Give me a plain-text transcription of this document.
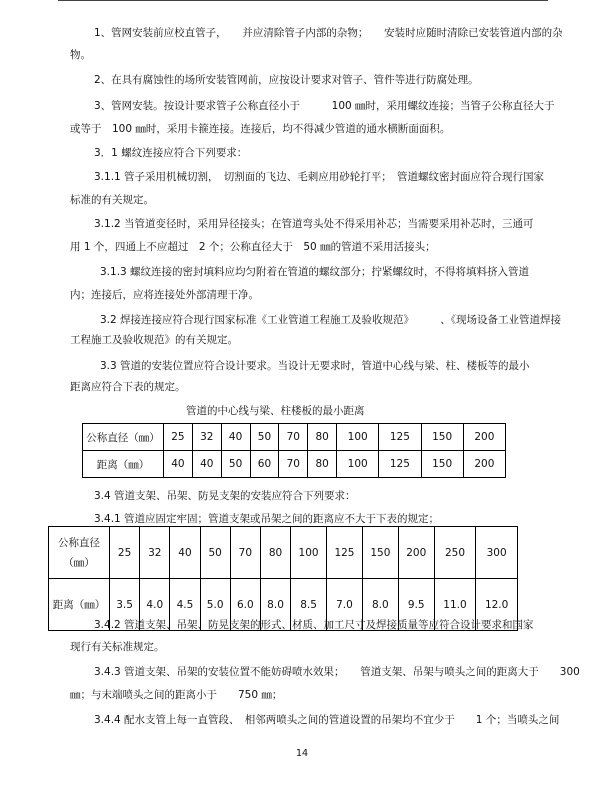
1、管网安装前应校直管子，　　并应清除管子内部的杂物；　　安装时应随时清除已安装管道内部的杂
物。
2、在具有腐蚀性的场所安装管网前，应按设计要求对管子、管件等进行防腐处理。
3、管网安装。按设计要求管子公称直径小于　　　100 ㎜时，采用螺纹连接；当管子公称直径大于
或等于　100 ㎜时，采用卡箍连接。连接后，均不得减少管道的通水横断面面积。
3．1 螺纹连接应符合下列要求：
3.1.1 管子采用机械切割，　切割面的飞边、毛刺应用砂轮打平；　管道螺纹密封面应符合现行国家
标准的有关规定。
3.1.2 当管道变径时，采用异径接头；在管道弯头处不得采用补芯；当需要采用补芯时，三通可
用 1 个，四通上不应超过　2 个；公称直径大于　50 ㎜的管道不采用活接头；
3.1.3 螺纹连接的密封填料应均匀附着在管道的螺纹部分；拧紧螺纹时，不得将填料挤入管道
内；连接后，应将连接处外部清理干净。
3.2 焊接连接应符合现行国家标准《工业管道工程施工及验收规范》　　　、《现场设备工业管道焊接
工程施工及验收规范》的有关规定。
3.3 管道的安装位置应符合设计要求。当设计无要求时，管道中心线与梁、柱、楼板等的最小
距离应符合下表的规定。
管道的中心线与梁、柱楼板的最小距离
公称直径（㎜）	25	32	40	50	70	80	100	125	150	200
距离（㎜）	40	40	50	60	70	80	100	125	150	200
3.4 管道支架、吊架、防晃支架的安装应符合下列要求：
3.4.1 管道应固定牢固；管道支架或吊架之间的距离应不大于下表的规定；
公称直径
（㎜）	25	32	40	50	70	80	100	125	150	200	250	300
距离（㎜）	3.5	4.0	4.5	5.0	6.0	8.0	8.5	7.0	8.0	9.5	11.0	12.0
3.4.2 管道支架、吊架、防晃支架的形式、材质、加工尺寸及焊接质量等应符合设计要求和国家
现行有关标准规定。
3.4.3 管道支架、吊架的安装位置不能妨碍喷水效果；　　管道支架、吊架与喷头之间的距离大于　　300
㎜；与末端喷头之间的距离小于　　750 ㎜；
3.4.4 配水支管上每一直管段、　相邻两喷头之间的管道设置的吊架均不宜少于　　1 个；当喷头之间
14
